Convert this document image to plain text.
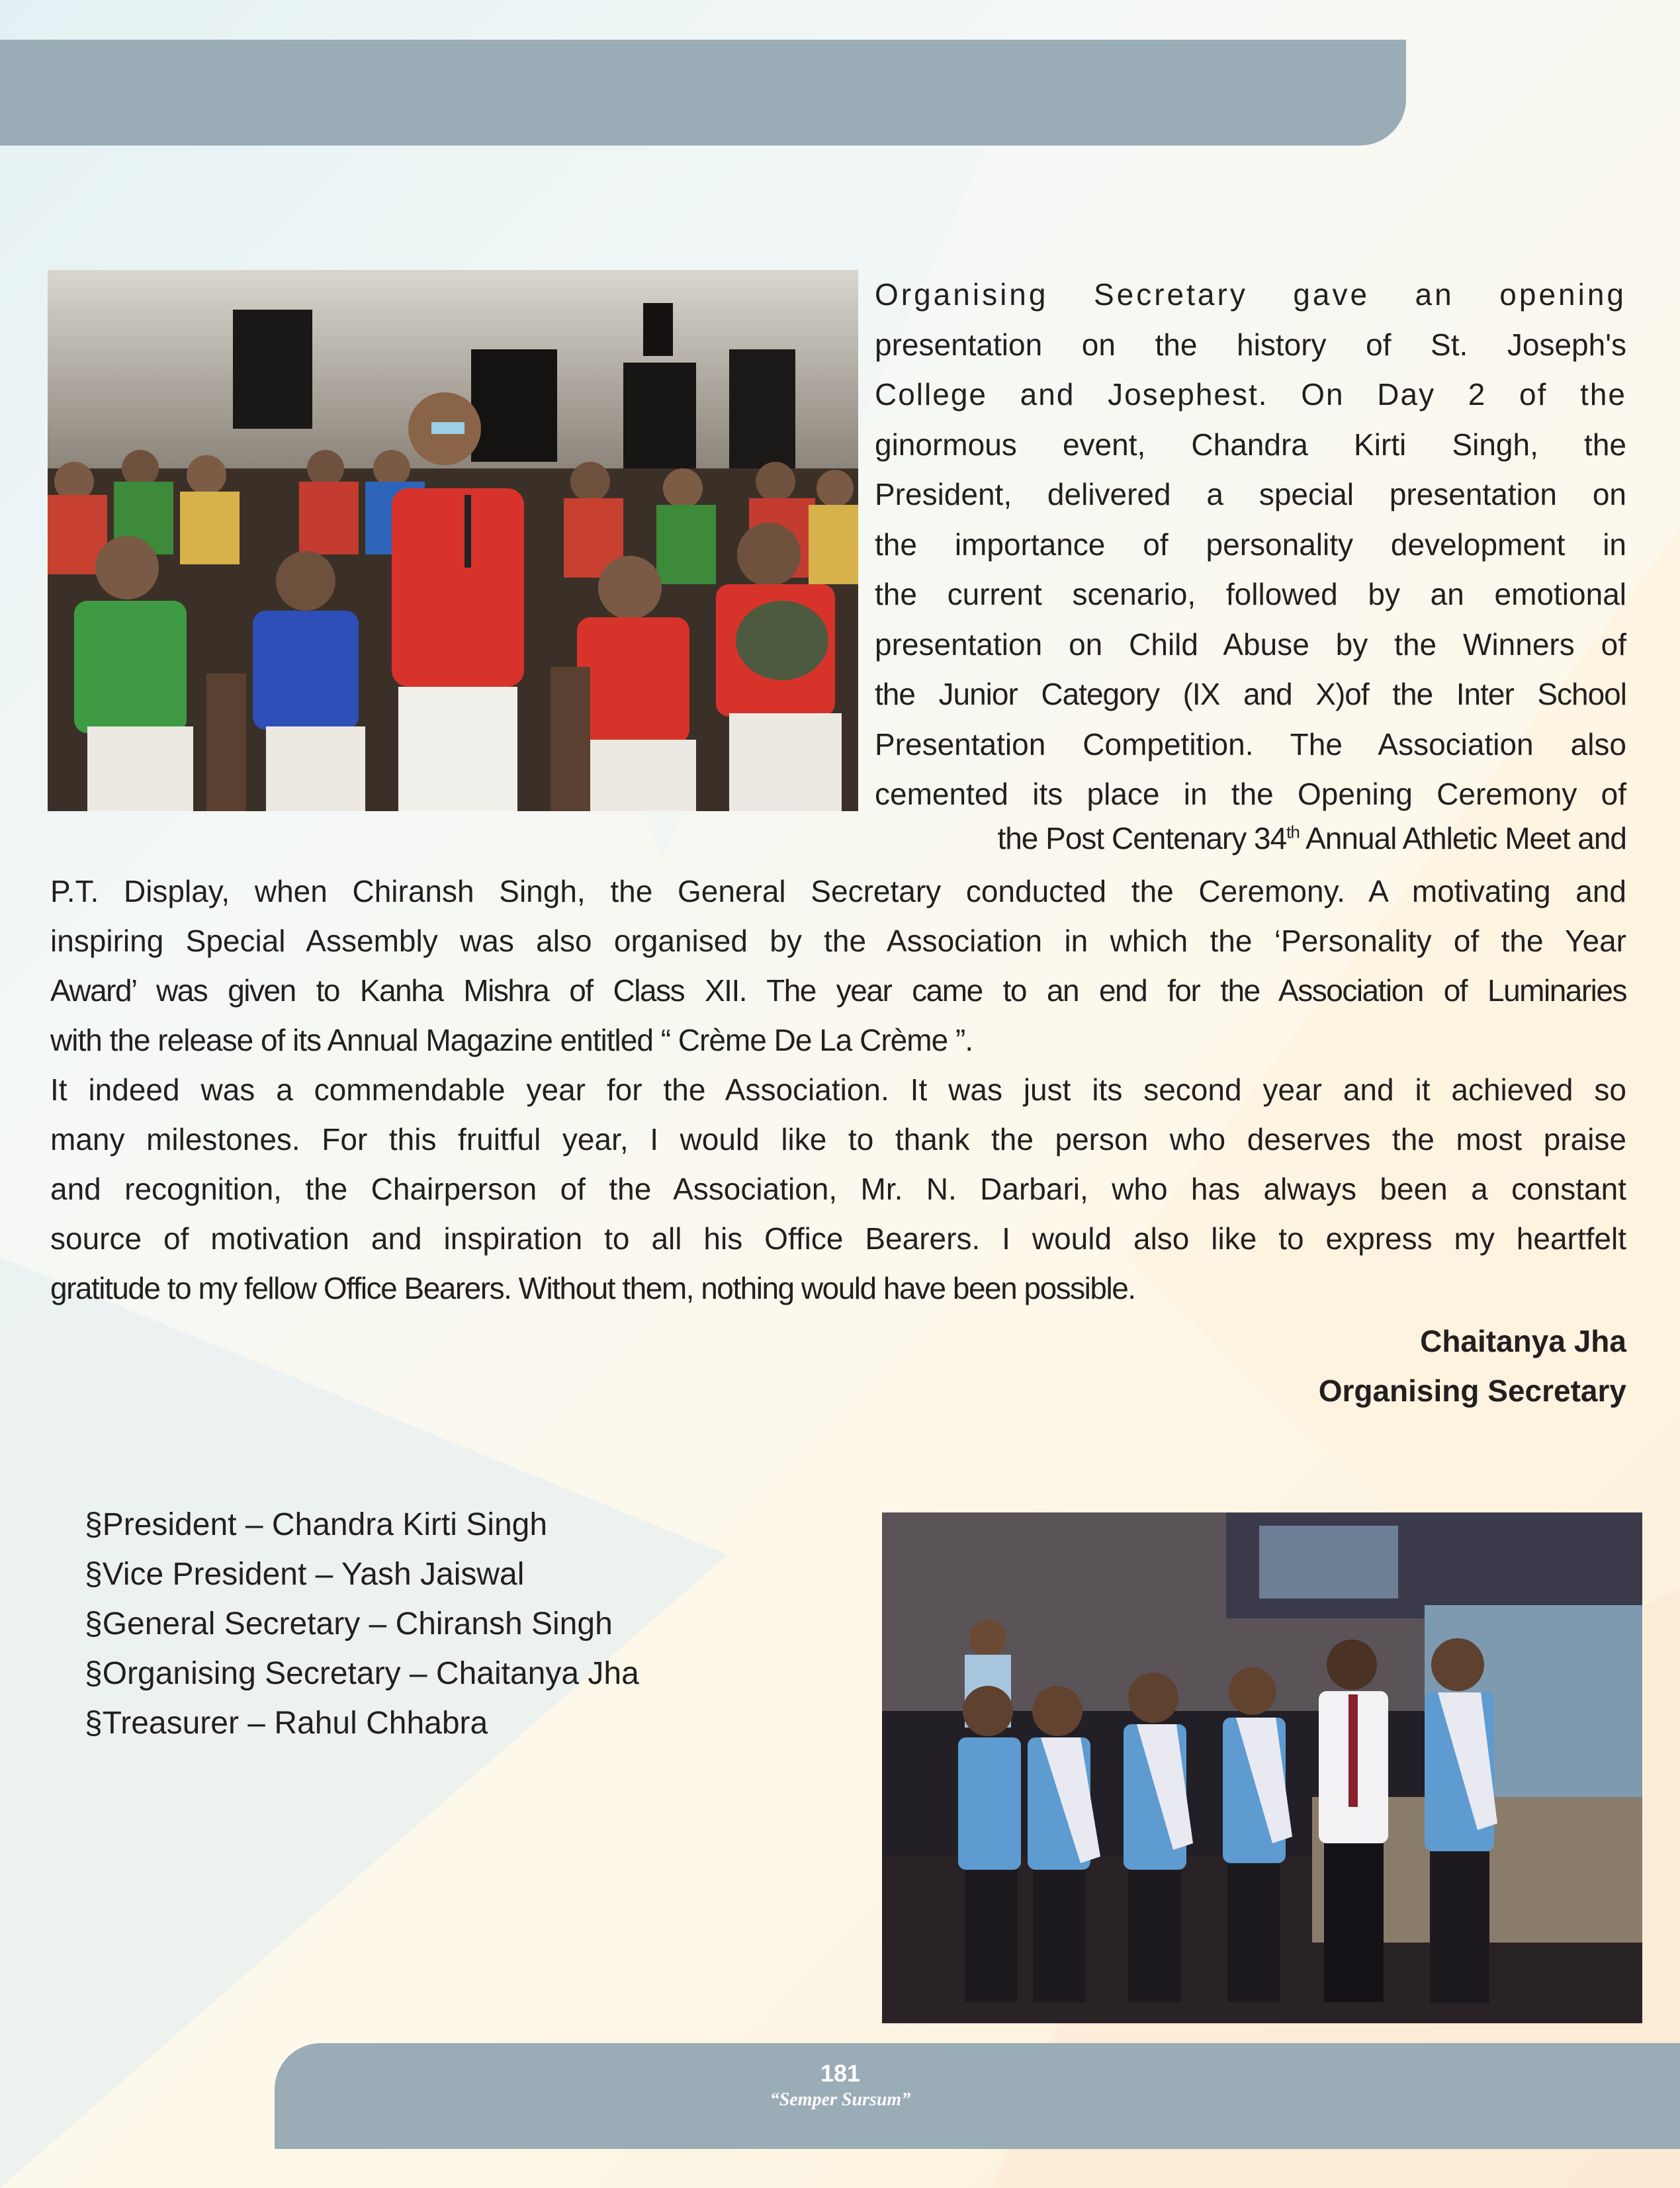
Organising Secretary gave an opening
presentation on the history of St. Joseph's
College and Josephest. On Day 2 of the
ginormous event, Chandra Kirti Singh, the
President, delivered a special presentation on
the importance of personality development in
the current scenario, followed by an emotional
presentation on Child Abuse by the Winners of
the Junior Category (IX and X)of the Inter School
Presentation Competition. The Association also
cemented its place in the Opening Ceremony of
the Post Centenary 34th Annual Athletic Meet and
P.T. Display, when Chiransh Singh, the General Secretary conducted the Ceremony. A motivating and
inspiring Special Assembly was also organised by the Association in which the ‘Personality of the Year
Award’ was given to Kanha Mishra of Class XII. The year came to an end for the Association of Luminaries
with the release of its Annual Magazine entitled “ Crème De La Crème ”.
It indeed was a commendable year for the Association. It was just its second year and it achieved so
many milestones. For this fruitful year, I would like to thank the person who deserves the most praise
and recognition, the Chairperson of the Association, Mr. N. Darbari, who has always been a constant
source of motivation and inspiration to all his Office Bearers. I would also like to express my heartfelt
gratitude to my fellow Office Bearers. Without them, nothing would have been possible.
Chaitanya Jha
Organising Secretary
§President – Chandra Kirti Singh
§Vice President – Yash Jaiswal
§General Secretary – Chiransh Singh
§Organising Secretary – Chaitanya Jha
§Treasurer – Rahul Chhabra
181
“Semper Sursum”
